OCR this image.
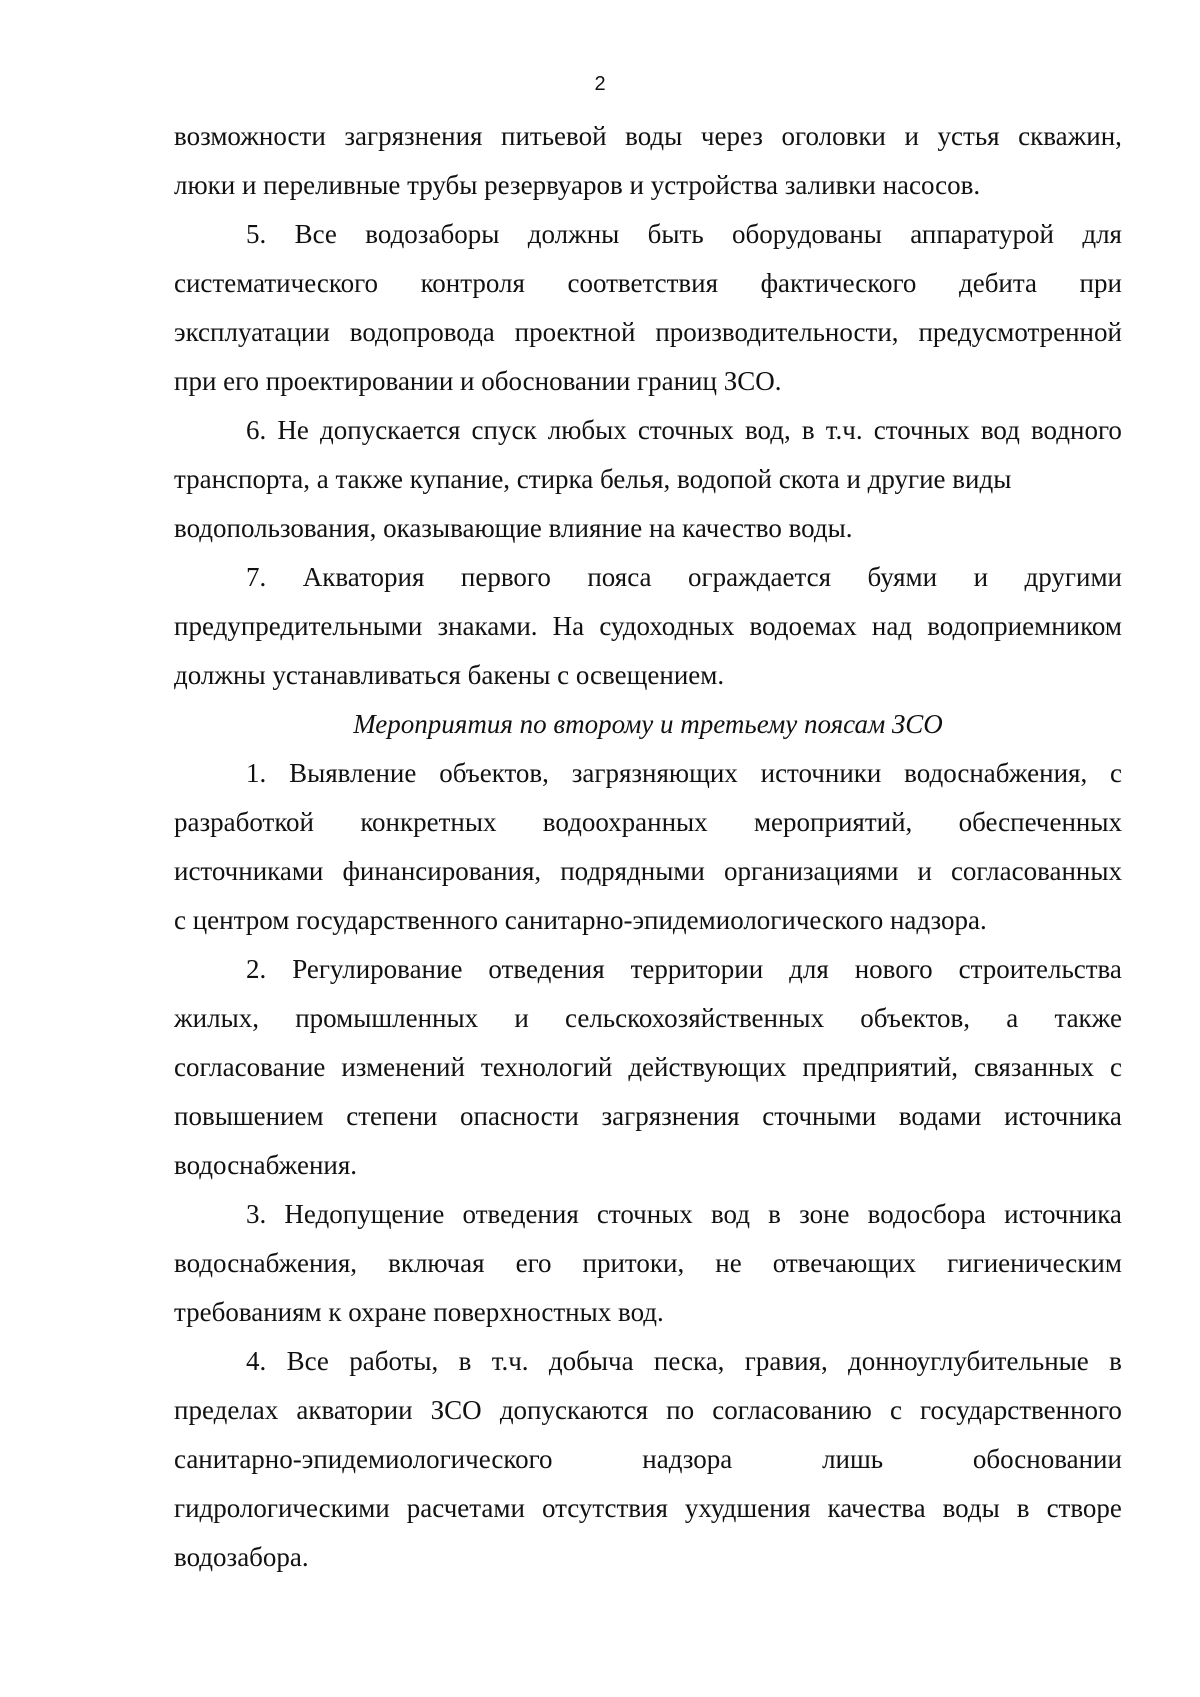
2
возможности загрязнения питьевой воды через оголовки и устья скважин,
люки и переливные трубы резервуаров и устройства заливки насосов.
5. Все водозаборы должны быть оборудованы аппаратурой для
систематического контроля соответствия фактического дебита при
эксплуатации водопровода проектной производительности, предусмотренной
при его проектировании и обосновании границ ЗСО.
6. Не допускается спуск любых сточных вод, в т.ч. сточных вод водного
транспорта, а также купание, стирка белья, водопой скота и другие виды
водопользования, оказывающие влияние на качество воды.
7. Акватория первого пояса ограждается буями и другими
предупредительными знаками. На судоходных водоемах над водоприемником
должны устанавливаться бакены с освещением.
Мероприятия по второму и третьему поясам ЗСО
1. Выявление объектов, загрязняющих источники водоснабжения, с
разработкой конкретных водоохранных мероприятий, обеспеченных
источниками финансирования, подрядными организациями и согласованных
с центром государственного санитарно-эпидемиологического надзора.
2. Регулирование отведения территории для нового строительства
жилых, промышленных и сельскохозяйственных объектов, а также
согласование изменений технологий действующих предприятий, связанных с
повышением степени опасности загрязнения сточными водами источника
водоснабжения.
3. Недопущение отведения сточных вод в зоне водосбора источника
водоснабжения, включая его притоки, не отвечающих гигиеническим
требованиям к охране поверхностных вод.
4. Все работы, в т.ч. добыча песка, гравия, донноуглубительные в
пределах акватории ЗСО допускаются по согласованию с государственного
санитарно-эпидемиологического	надзора	лишь	обосновании
гидрологическими расчетами отсутствия ухудшения качества воды в створе
водозабора.
